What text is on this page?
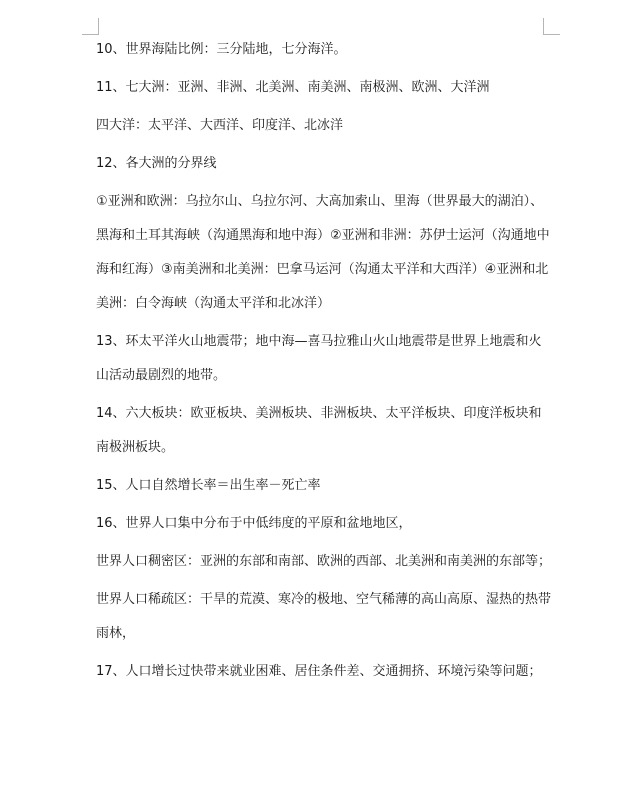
10、世界海陆比例：三分陆地，七分海洋。

11、七大洲：亚洲、非洲、北美洲、南美洲、南极洲、欧洲、大洋洲

四大洋：太平洋、大西洋、印度洋、北冰洋

12、各大洲的分界线

①亚洲和欧洲：乌拉尔山、乌拉尔河、大高加索山、里海（世界最大的湖泊）、
黑海和土耳其海峡（沟通黑海和地中海）②亚洲和非洲：苏伊士运河（沟通地中
海和红海）③南美洲和北美洲：巴拿马运河（沟通太平洋和大西洋）④亚洲和北
美洲：白令海峡（沟通太平洋和北冰洋）

13、环太平洋火山地震带；地中海—喜马拉雅山火山地震带是世界上地震和火
山活动最剧烈的地带。

14、六大板块：欧亚板块、美洲板块、非洲板块、太平洋板块、印度洋板块和
南极洲板块。

15、人口自然增长率＝出生率－死亡率

16、世界人口集中分布于中低纬度的平原和盆地地区，

世界人口稠密区：亚洲的东部和南部、欧洲的西部、北美洲和南美洲的东部等；

世界人口稀疏区：干旱的荒漠、寒冷的极地、空气稀薄的高山高原、湿热的热带
雨林，

17、人口增长过快带来就业困难、居住条件差、交通拥挤、环境污染等问题；
